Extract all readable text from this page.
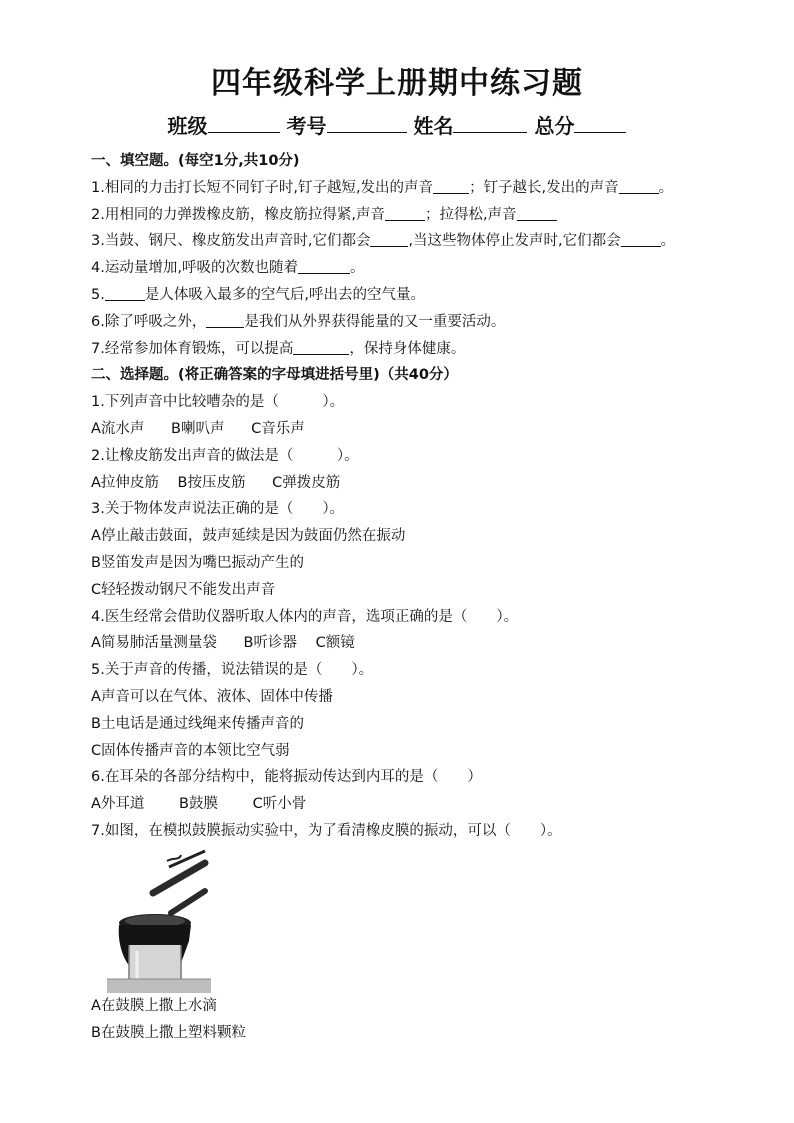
四年级科学上册期中练习题
班级	考号	姓名	总分
一、填空题。(每空1分,共10分)
1.相同的力击打长短不同钉子时,钉子越短,发出的声音 ；钉子越长,发出的声音	。
2.用相同的力弹拨橡皮筋，橡皮筋拉得紧,声音	；拉得松,声音
3.当鼓、钢尺、橡皮筋发出声音时,它们都会	,当这些物体停止发声时,它们都会	。
4.运动量增加,呼吸的次数也随着	。
5.	是人体吸入最多的空气后,呼出去的空气量。
6.除了呼吸之外，	是我们从外界获得能量的又一重要活动。
7.经常参加体育锻炼，可以提高	，保持身体健康。
二、选择题。(将正确答案的字母填进括号里)（共40分）
1.下列声音中比较嘈杂的是（　　　）。
A流水声 B喇叭声 C音乐声
2.让橡皮筋发出声音的做法是（　　　）。
A拉伸皮筋 B按压皮筋 C弹拨皮筋
3.关于物体发声说法正确的是（　　）。
A停止敲击鼓面，鼓声延续是因为鼓面仍然在振动
B竖笛发声是因为嘴巴振动产生的
C轻轻拨动钢尺不能发出声音
4.医生经常会借助仪器听取人体内的声音，选项正确的是（　　）。
A简易肺活量测量袋 B听诊器 C额镜
5.关于声音的传播，说法错误的是（　　）。
A声音可以在气体、液体、固体中传播
B土电话是通过线绳来传播声音的
C固体传播声音的本领比空气弱
6.在耳朵的各部分结构中，能将振动传达到内耳的是（　　）
A外耳道 B鼓膜 C听小骨
7.如图，在模拟鼓膜振动实验中，为了看清橡皮膜的振动，可以（　　）。
A在鼓膜上撒上水滴
B在鼓膜上撒上塑料颗粒
